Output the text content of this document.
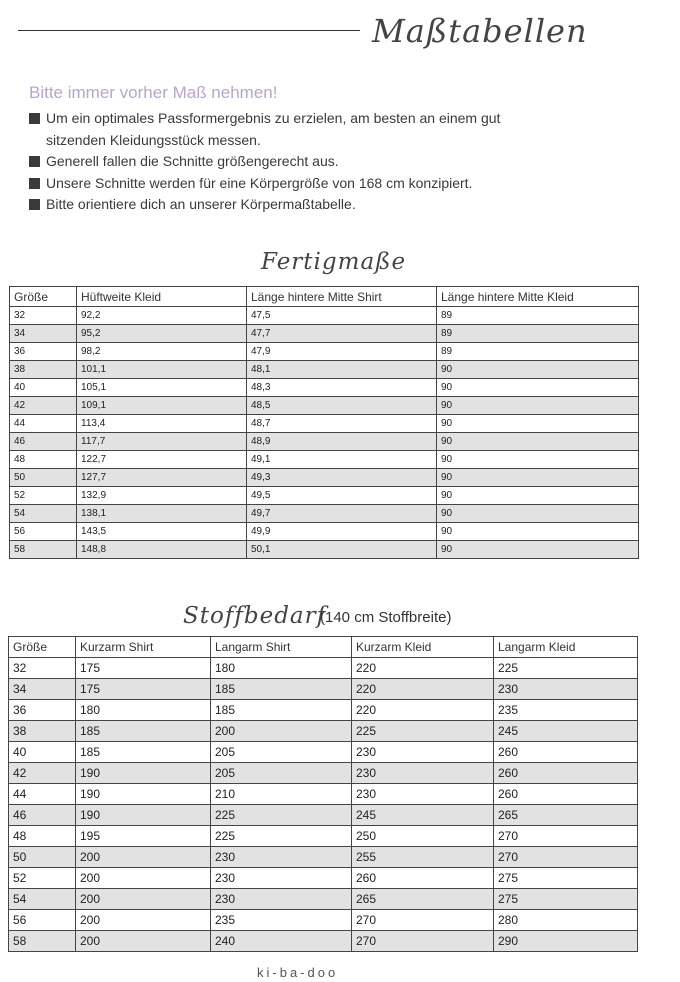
Maßtabellen
Bitte immer vorher Maß nehmen!
Um ein optimales Passformergebnis zu erzielen, am besten an einem gut sitzenden Kleidungsstück messen.
Generell fallen die Schnitte größengerecht aus.
Unsere Schnitte werden für eine Körpergröße von 168 cm konzipiert.
Bitte orientiere dich an unserer Körpermaßtabelle.
Fertigmaße
Größe	Hüftweite Kleid	Länge hintere Mitte Shirt	Länge hintere Mitte Kleid
32	92,2	47,5	89
34	95,2	47,7	89
36	98,2	47,9	89
38	101,1	48,1	90
40	105,1	48,3	90
42	109,1	48,5	90
44	113,4	48,7	90
46	117,7	48,9	90
48	122,7	49,1	90
50	127,7	49,3	90
52	132,9	49,5	90
54	138,1	49,7	90
56	143,5	49,9	90
58	148,8	50,1	90
Stoffbedarf
(140 cm Stoffbreite)
Größe	Kurzarm Shirt	Langarm Shirt	Kurzarm Kleid	Langarm Kleid
32	175	180	220	225
34	175	185	220	230
36	180	185	220	235
38	185	200	225	245
40	185	205	230	260
42	190	205	230	260
44	190	210	230	260
46	190	225	245	265
48	195	225	250	270
50	200	230	255	270
52	200	230	260	275
54	200	230	265	275
56	200	235	270	280
58	200	240	270	290
ki-ba-doo
